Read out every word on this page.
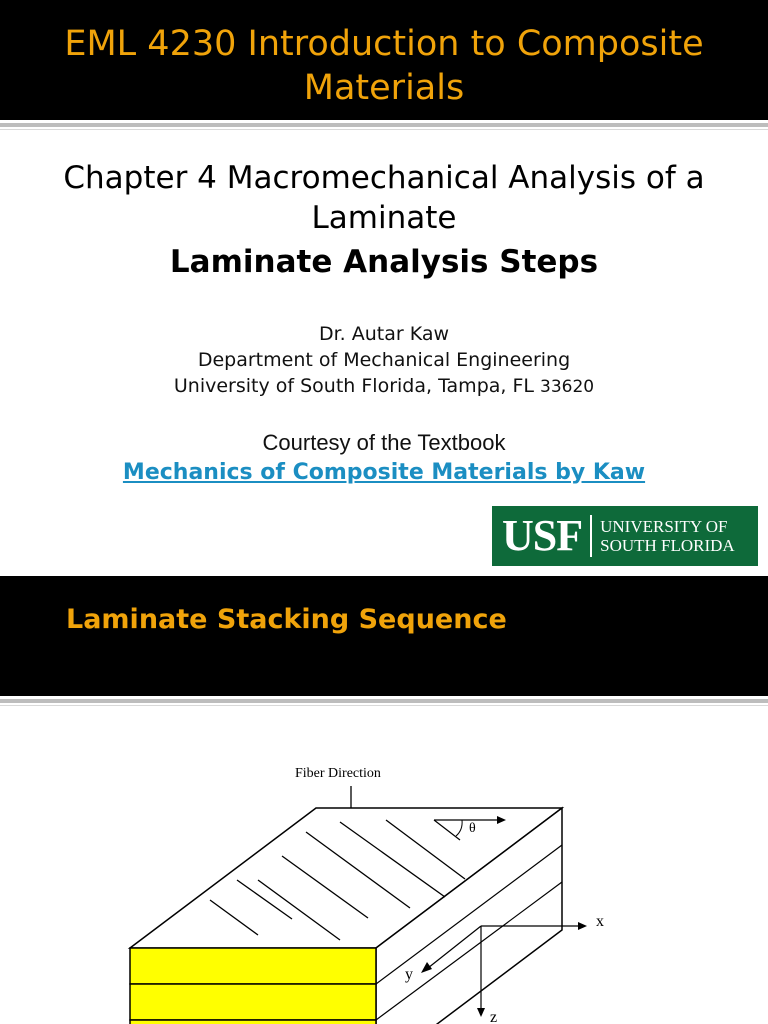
EML 4230 Introduction to Composite Materials
Chapter 4 Macromechanical Analysis of a Laminate
Laminate Analysis Steps
Dr. Autar Kaw
Department of Mechanical Engineering
University of South Florida, Tampa, FL 33620
Courtesy of the Textbook
Mechanics of Composite Materials by Kaw
USF	UNIVERSITY OF
SOUTH FLORIDA
Laminate Stacking Sequence
Fiber Direction
θ
x
y
z
